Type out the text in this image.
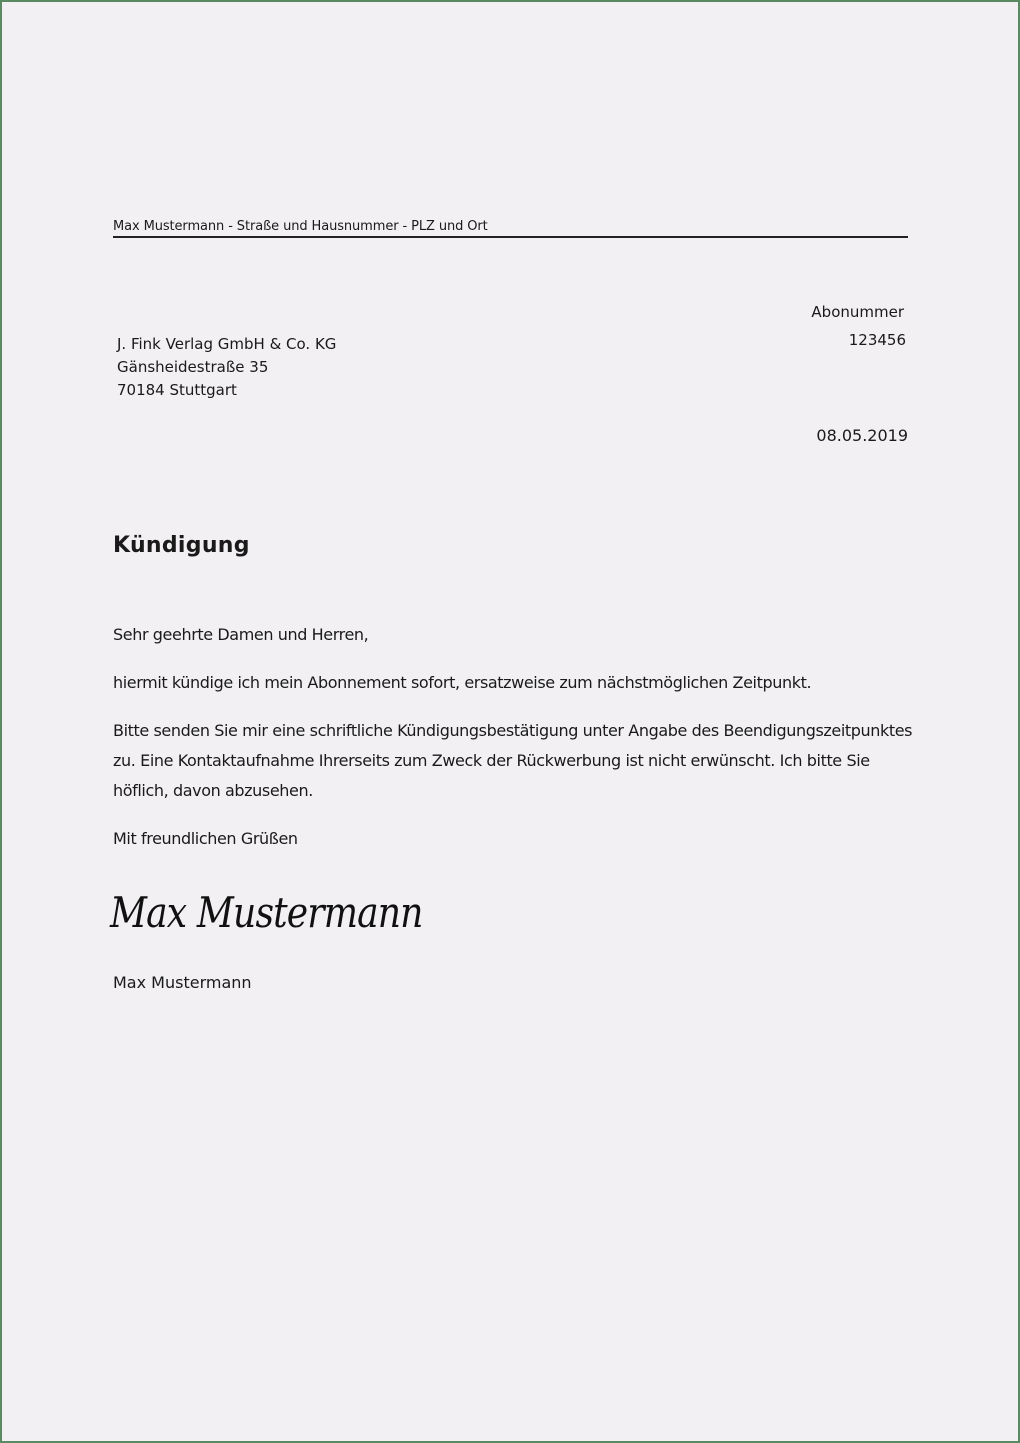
Max Mustermann - Straße und Hausnummer - PLZ und Ort
J. Fink Verlag GmbH & Co. KG
Gänsheidestraße 35
70184 Stuttgart
Abonummer
123456
08.05.2019
Kündigung

Sehr geehrte Damen und Herren,

hiermit kündige ich mein Abonnement sofort, ersatzweise zum nächstmöglichen Zeitpunkt.

Bitte senden Sie mir eine schriftliche Kündigungsbestätigung unter Angabe des Beendigungszeitpunktes zu. Eine Kontaktaufnahme Ihrerseits zum Zweck der Rückwerbung ist nicht erwünscht. Ich bitte Sie höflich, davon abzusehen.

Mit freundlichen Grüßen

Max Mustermann
Max Mustermann
